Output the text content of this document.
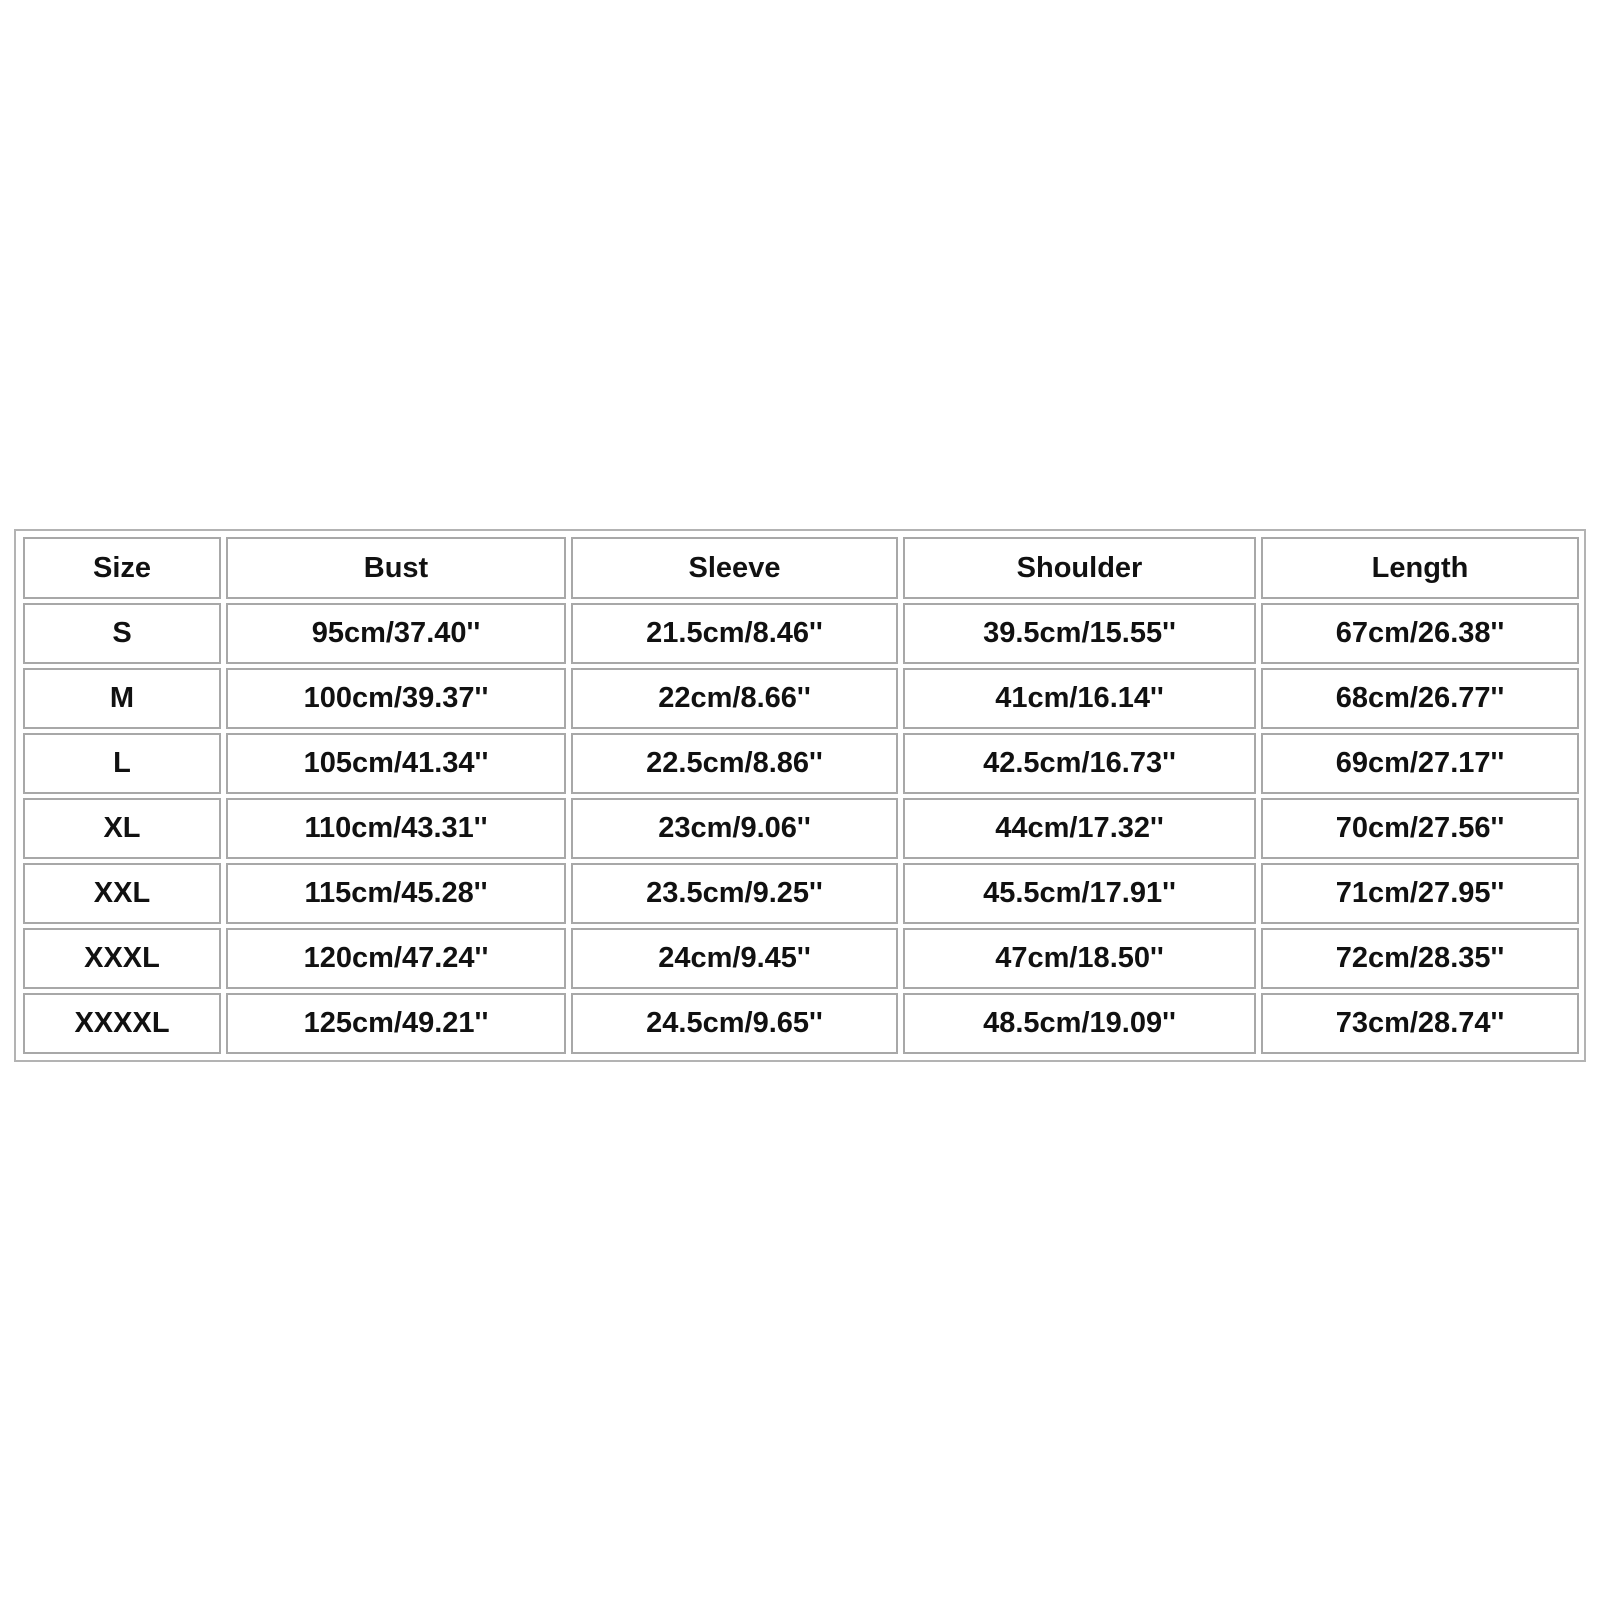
Size	Bust	Sleeve	Shoulder	Length
S	95cm/37.40''	21.5cm/8.46''	39.5cm/15.55''	67cm/26.38''
M	100cm/39.37''	22cm/8.66''	41cm/16.14''	68cm/26.77''
L	105cm/41.34''	22.5cm/8.86''	42.5cm/16.73''	69cm/27.17''
XL	110cm/43.31''	23cm/9.06''	44cm/17.32''	70cm/27.56''
XXL	115cm/45.28''	23.5cm/9.25''	45.5cm/17.91''	71cm/27.95''
XXXL	120cm/47.24''	24cm/9.45''	47cm/18.50''	72cm/28.35''
XXXXL	125cm/49.21''	24.5cm/9.65''	48.5cm/19.09''	73cm/28.74''
